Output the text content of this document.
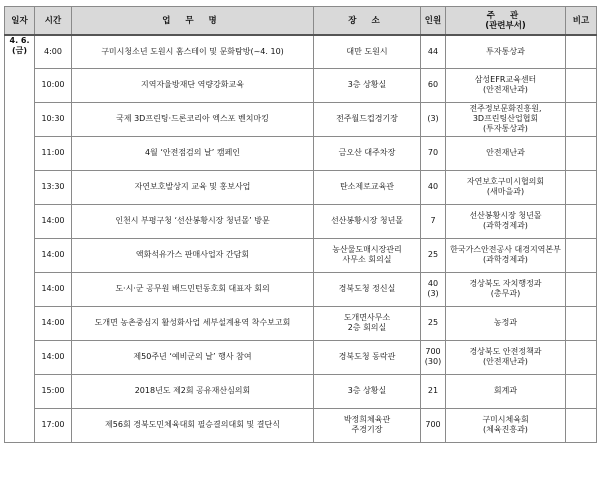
일자	시간	업 무 명	장 소	인원	주 관
(관련부서)	비고

4. 6.
(금)	4:00	구미시청소년 도원시 홈스테이 및 문화탐방(~4. 10)	대만 도원시	44	투자통상과	

	10:00	지역자율방재단 역량강화교육	3층 상황실	60	삼성EFR교육센터
(안전재난과)	

	10:30	국제 3D프린팅·드론코리아 엑스포 벤치마킹	전주월드컵경기장	(3)	전주정보문화진흥원,
3D프린팅산업협회
(투자통상과)	

	11:00	4월 ‘안전점검의 날’ 캠페인	금오산 대주차장	70	안전재난과	

	13:30	자연보호발상지 교육 및 홍보사업	탄소제로교육관	40	자연보호구미시협의회
(새마을과)	

	14:00	인천시 부평구청 ‘선산봉황시장 청년몰’ 방문	선산봉황시장 청년몰	7	선산봉황시장 청년몰
(과학경제과)	

	14:00	액화석유가스 판매사업자 간담회	농산물도매시장관리
사무소 회의실	25	한국가스안전공사 대경지역본부
(과학경제과)	

	14:00	도·시·군 공무원 배드민턴동호회 대표자 회의	경북도청 정신실	40
(3)	경상북도 자치행정과
(총무과)	

	14:00	도개면 농촌중심지 활성화사업 세부설계용역 착수보고회	도개면사무소
2층 회의실	25	농정과	

	14:00	제50주년 ‘예비군의 날’ 행사 참여	경북도청 동락관	700
(30)	경상북도 안전정책과
(안전재난과)	

	15:00	2018년도 제2회 공유재산심의회	3층 상황실	21	회계과	

	17:00	제56회 경북도민체육대회 필승결의대회 및 결단식	박정희체육관
주경기장	700	구미시체육회
(체육진흥과)	
